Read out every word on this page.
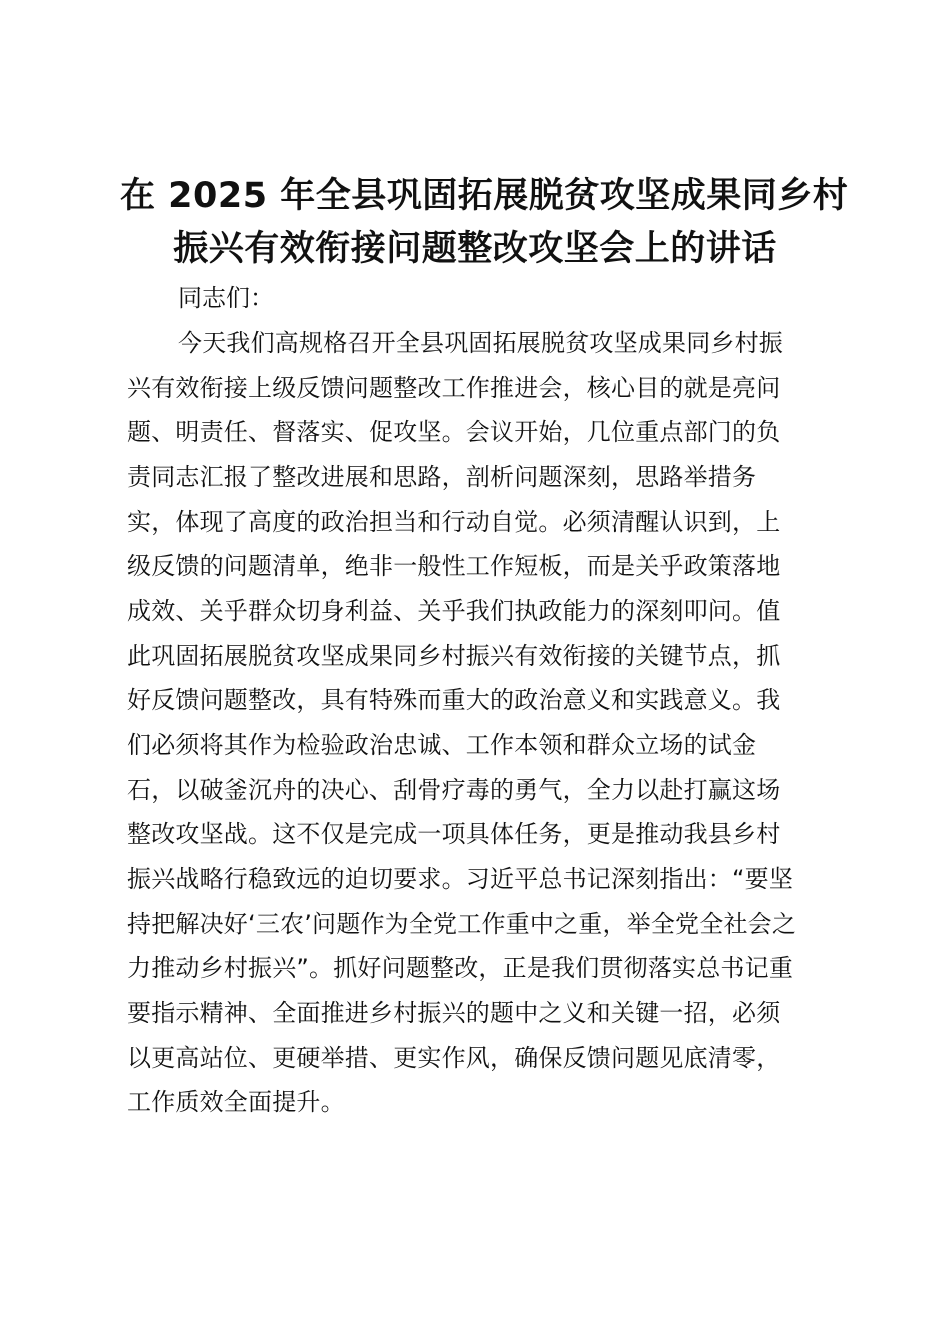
在 2025 年全县巩固拓展脱贫攻坚成果同乡村
振兴有效衔接问题整改攻坚会上的讲话
同志们：
今天我们高规格召开全县巩固拓展脱贫攻坚成果同乡村振
兴有效衔接上级反馈问题整改工作推进会，核心目的就是亮问
题、明责任、督落实、促攻坚。会议开始，几位重点部门的负
责同志汇报了整改进展和思路，剖析问题深刻，思路举措务
实，体现了高度的政治担当和行动自觉。必须清醒认识到，上
级反馈的问题清单，绝非一般性工作短板，而是关乎政策落地
成效、关乎群众切身利益、关乎我们执政能力的深刻叩问。值
此巩固拓展脱贫攻坚成果同乡村振兴有效衔接的关键节点，抓
好反馈问题整改，具有特殊而重大的政治意义和实践意义。我
们必须将其作为检验政治忠诚、工作本领和群众立场的试金
石，以破釜沉舟的决心、刮骨疗毒的勇气，全力以赴打赢这场
整改攻坚战。这不仅是完成一项具体任务，更是推动我县乡村
振兴战略行稳致远的迫切要求。习近平总书记深刻指出：“要坚
持把解决好‘三农’问题作为全党工作重中之重，举全党全社会之
力推动乡村振兴”。抓好问题整改，正是我们贯彻落实总书记重
要指示精神、全面推进乡村振兴的题中之义和关键一招，必须
以更高站位、更硬举措、更实作风，确保反馈问题见底清零，
工作质效全面提升。
